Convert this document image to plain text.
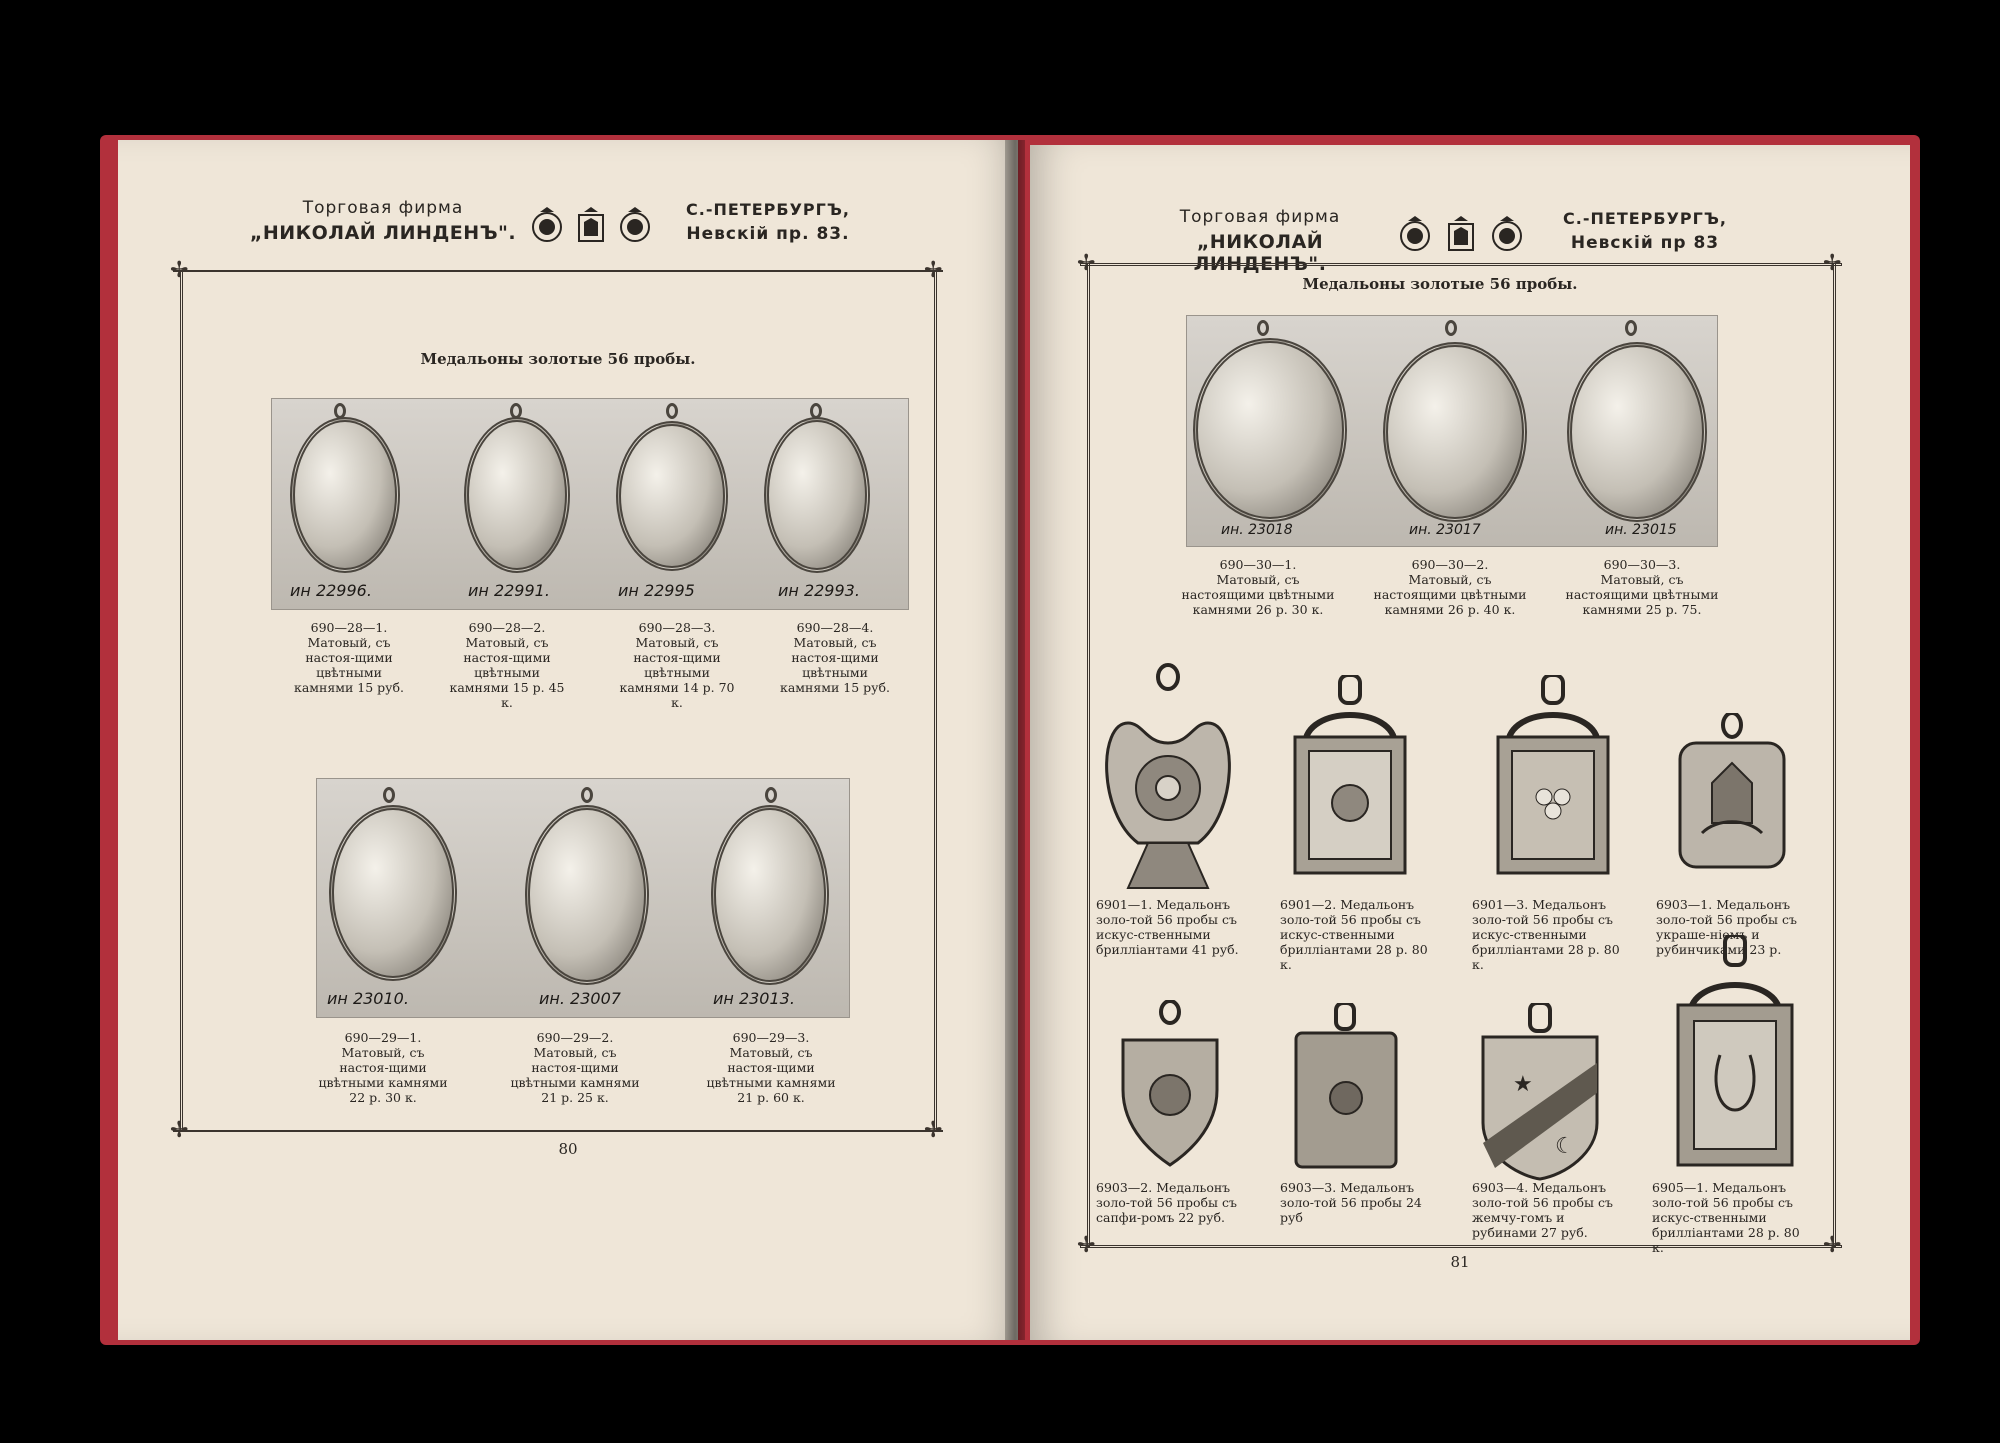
Торговая фирма
„НИКОЛАЙ ЛИНДЕНЪ".
С.-ПЕТЕРБУРГЪ,
Невскiй пр. 83.
✢	✢
✢	✢
Медальоны золотые 56 пробы.
ин 22996.	ин 22991.	ин 22995	ин 22993.
690—28—1.
Матовый, съ настоя-щими цвѣтными камнями 15 руб.
690—28—2.
Матовый, съ настоя-щими цвѣтными камнями 15 р. 45 к.
690—28—3.
Матовый, съ настоя-щими цвѣтными камнями 14 р. 70 к.
690—28—4.
Матовый, съ настоя-щими цвѣтными камнями 15 руб.
ин 23010.	ин. 23007	ин 23013.
690—29—1.
Матовый, съ настоя-щими цвѣтными камнями 22 р. 30 к.
690—29—2.
Матовый, съ настоя-щими цвѣтными камнями 21 р. 25 к.
690—29—3.
Матовый, съ настоя-щими цвѣтными камнями 21 р. 60 к.
80
Торговая фирма
„НИКОЛАЙ ЛИНДЕНЪ".
С.-ПЕТЕРБУРГЪ,
Невскiй пр 83
✢	✢
✢	✢
Медальоны золотые 56 пробы.
ин. 23018	ин. 23017	ин. 23015
690—30—1.
Матовый, съ настоящими цвѣтными камнями 26 р. 30 к.
690—30—2.
Матовый, съ настоящими цвѣтными камнями 26 р. 40 к.
690—30—3.
Матовый, съ настоящими цвѣтными камнями 25 р. 75.
6901—1. Медальонъ золо-той 56 пробы съ искус-ственными бриллiантами 41 руб.
6901—2. Медальонъ золо-той 56 пробы съ искус-ственными бриллiантами 28 р. 80 к.
6901—3. Медальонъ золо-той 56 пробы съ искус-ственными бриллiантами 28 р. 80 к.
6903—1. Медальонъ золо-той 56 пробы съ украше-нiемъ и рубинчиками 23 р.
★
☾
6903—2. Медальонъ золо-той 56 пробы съ сапфи-ромъ 22 руб.
6903—3. Медальонъ золо-той 56 пробы 24 руб
6903—4. Медальонъ золо-той 56 пробы съ жемчу-гомъ и рубинами 27 руб.
6905—1. Медальонъ золо-той 56 пробы съ искус-ственными бриллiантами 28 р. 80 к.
81
